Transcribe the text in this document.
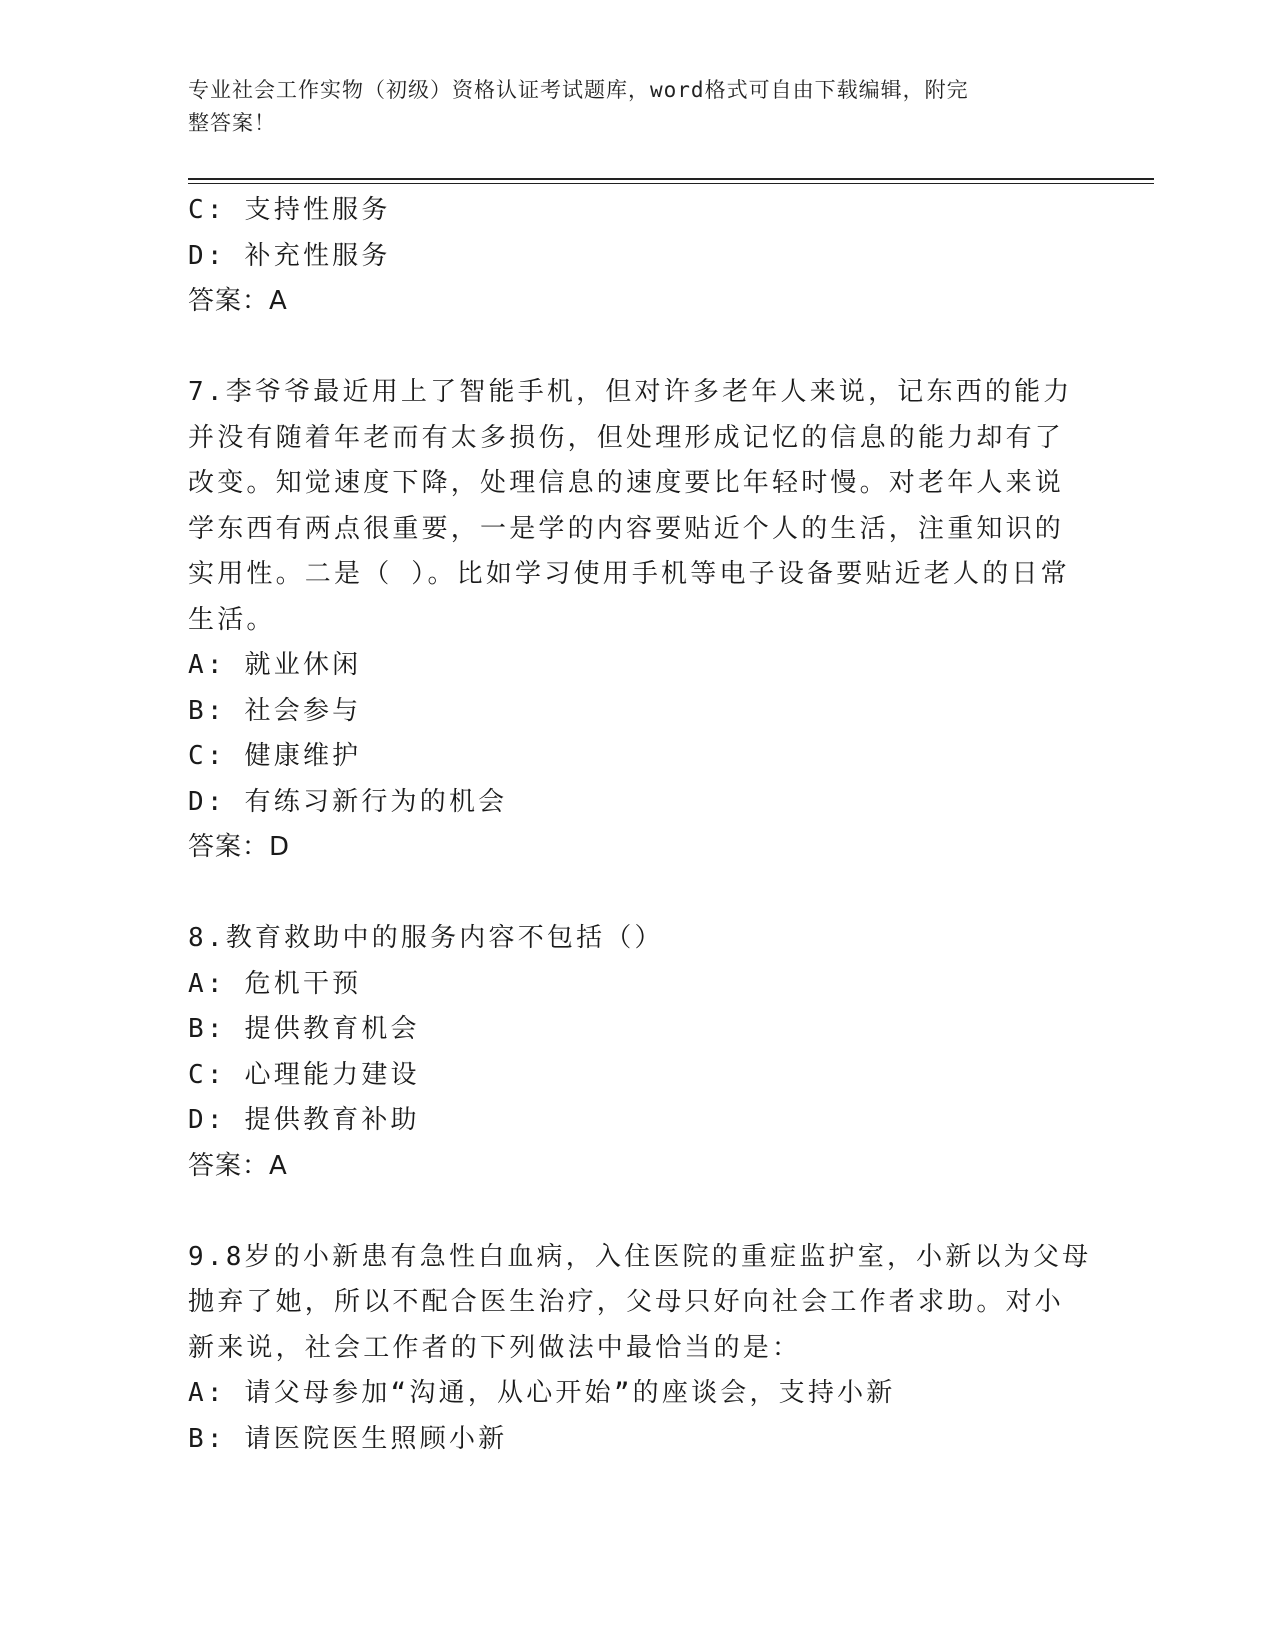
专业社会工作实物（初级）资格认证考试题库，word格式可自由下载编辑，附完
整答案！
C: 支持性服务
D: 补充性服务
答案：A
7.李爷爷最近用上了智能手机，但对许多老年人来说，记东西的能力
并没有随着年老而有太多损伤，但处理形成记忆的信息的能力却有了
改变。知觉速度下降，处理信息的速度要比年轻时慢。对老年人来说
学东西有两点很重要，一是学的内容要贴近个人的生活，注重知识的
实用性。二是（ ）。比如学习使用手机等电子设备要贴近老人的日常
生活。
A: 就业休闲
B: 社会参与
C: 健康维护
D: 有练习新行为的机会
答案：D
8.教育救助中的服务内容不包括（）
A: 危机干预
B: 提供教育机会
C: 心理能力建设
D: 提供教育补助
答案：A
9.8岁的小新患有急性白血病，入住医院的重症监护室，小新以为父母
抛弃了她，所以不配合医生治疗，父母只好向社会工作者求助。对小
新来说，社会工作者的下列做法中最恰当的是：
A: 请父母参加“沟通，从心开始”的座谈会，支持小新
B: 请医院医生照顾小新
